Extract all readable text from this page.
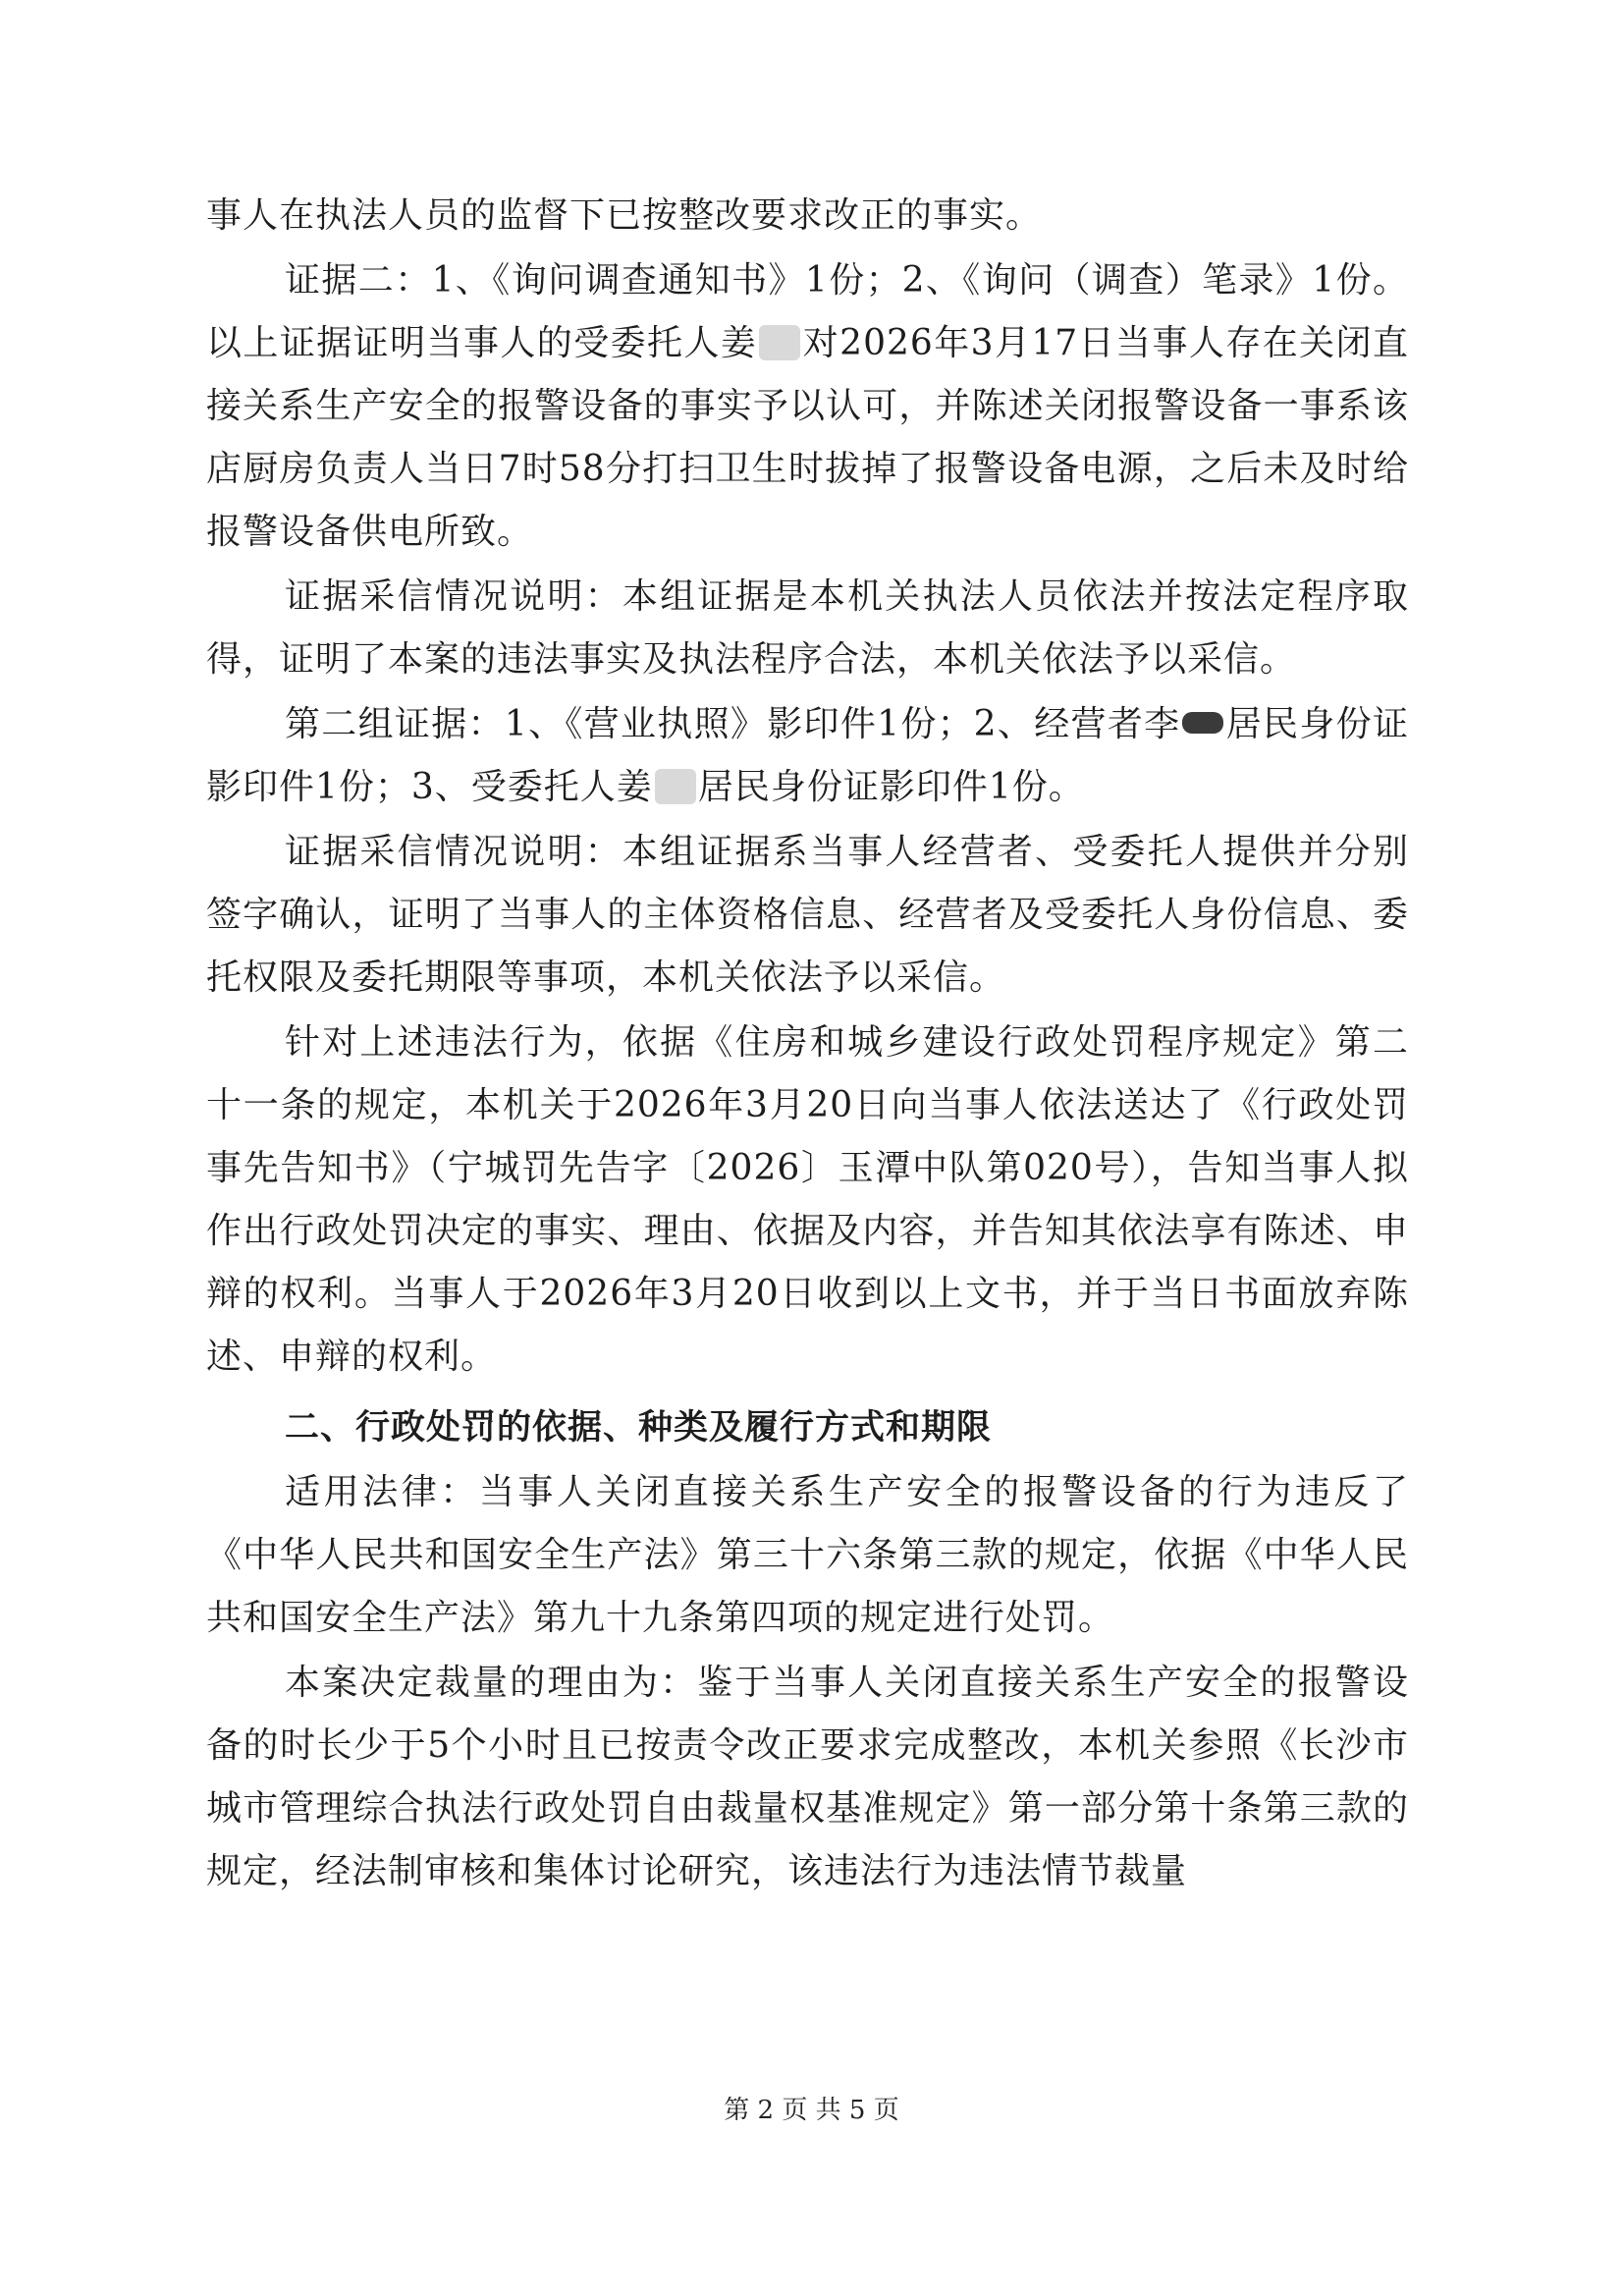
事人在执法人员的监督下已按整改要求改正的事实。

证据二：1、《询问调查通知书》1份；2、《询问（调查）笔录》1份。以上证据证明当事人的受委托人姜 对2026年3月17日当事人存在关闭直接关系生产安全的报警设备的事实予以认可，并陈述关闭报警设备一事系该店厨房负责人当日7时58分打扫卫生时拔掉了报警设备电源，之后未及时给报警设备供电所致。

证据采信情况说明：本组证据是本机关执法人员依法并按法定程序取得，证明了本案的违法事实及执法程序合法，本机关依法予以采信。

第二组证据：1、《营业执照》影印件1份；2、经营者李 居民身份证影印件1份；3、受委托人姜 居民身份证影印件1份。

证据采信情况说明：本组证据系当事人经营者、受委托人提供并分别签字确认，证明了当事人的主体资格信息、经营者及受委托人身份信息、委托权限及委托期限等事项，本机关依法予以采信。

针对上述违法行为，依据《住房和城乡建设行政处罚程序规定》第二十一条的规定，本机关于2026年3月20日向当事人依法送达了《行政处罚事先告知书》（宁城罚先告字〔2026〕玉潭中队第020号），告知当事人拟作出行政处罚决定的事实、理由、依据及内容，并告知其依法享有陈述、申辩的权利。当事人于2026年3月20日收到以上文书，并于当日书面放弃陈述、申辩的权利。

二、行政处罚的依据、种类及履行方式和期限

适用法律：当事人关闭直接关系生产安全的报警设备的行为违反了《中华人民共和国安全生产法》第三十六条第三款的规定，依据《中华人民共和国安全生产法》第九十九条第四项的规定进行处罚。

本案决定裁量的理由为：鉴于当事人关闭直接关系生产安全的报警设备的时长少于5个小时且已按责令改正要求完成整改，本机关参照《长沙市城市管理综合执法行政处罚自由裁量权基准规定》第一部分第十条第三款的规定，经法制审核和集体讨论研究，该违法行为违法情节裁量

第 2 页 共 5 页
